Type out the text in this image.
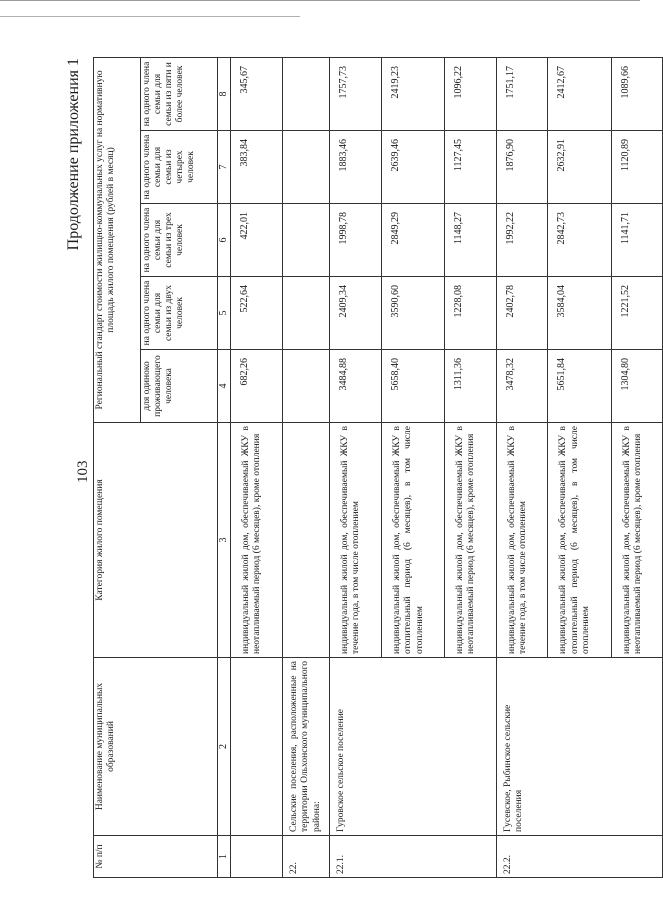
103
Продолжение приложения 1
№ п/п	Наименование муниципальных образований	Категория жилого помещения	Региональный стандарт стоимости жилищно-коммунальных услуг на нормативную площадь жилого помещения (рублей в месяц)				
			для одиноко проживающего человека	на одного члена семьи для семьи из двух человек	на одного члена семьи для семьи из трех человек	на одного члена семьи для семьи из четырех человек	на одного члена семьи для семьи из пяти и более человек
1	2	3	4	5	6	7	8
		индивидуальный жилой дом, обеспечиваемый ЖКУ в неотапливаемый период (6 месяцев), кроме отопления	682,26	522,64	422,01	383,84	345,67
22.	Сельские поселения, расположенные на территории Ольхонского муниципального района:						
22.1.	Гуровское сельское поселение	индивидуальный жилой дом, обеспечиваемый ЖКУ в течение года, в том числе отоплением	3484,88	2409,34	1998,78	1883,46	1757,73
		индивидуальный жилой дом, обеспечиваемый ЖКУ в отопительный период (6 месяцев), в том числе отоплением	5658,40	3590,60	2849,29	2639,46	2419,23
		индивидуальный жилой дом, обеспечиваемый ЖКУ в неотапливаемый период (6 месяцев), кроме отопления	1311,36	1228,08	1148,27	1127,45	1096,22
22.2.	Гусевское, Рыбинское сельские поселения	индивидуальный жилой дом, обеспечиваемый ЖКУ в течение года, в том числе отоплением	3478,32	2402,78	1992,22	1876,90	1751,17
		индивидуальный жилой дом, обеспечиваемый ЖКУ в отопительный период (6 месяцев), в том числе отоплением	5651,84	3584,04	2842,73	2632,91	2412,67
		индивидуальный жилой дом, обеспечиваемый ЖКУ в неотапливаемый период (6 месяцев), кроме отопления	1304,80	1221,52	1141,71	1120,89	1089,66
